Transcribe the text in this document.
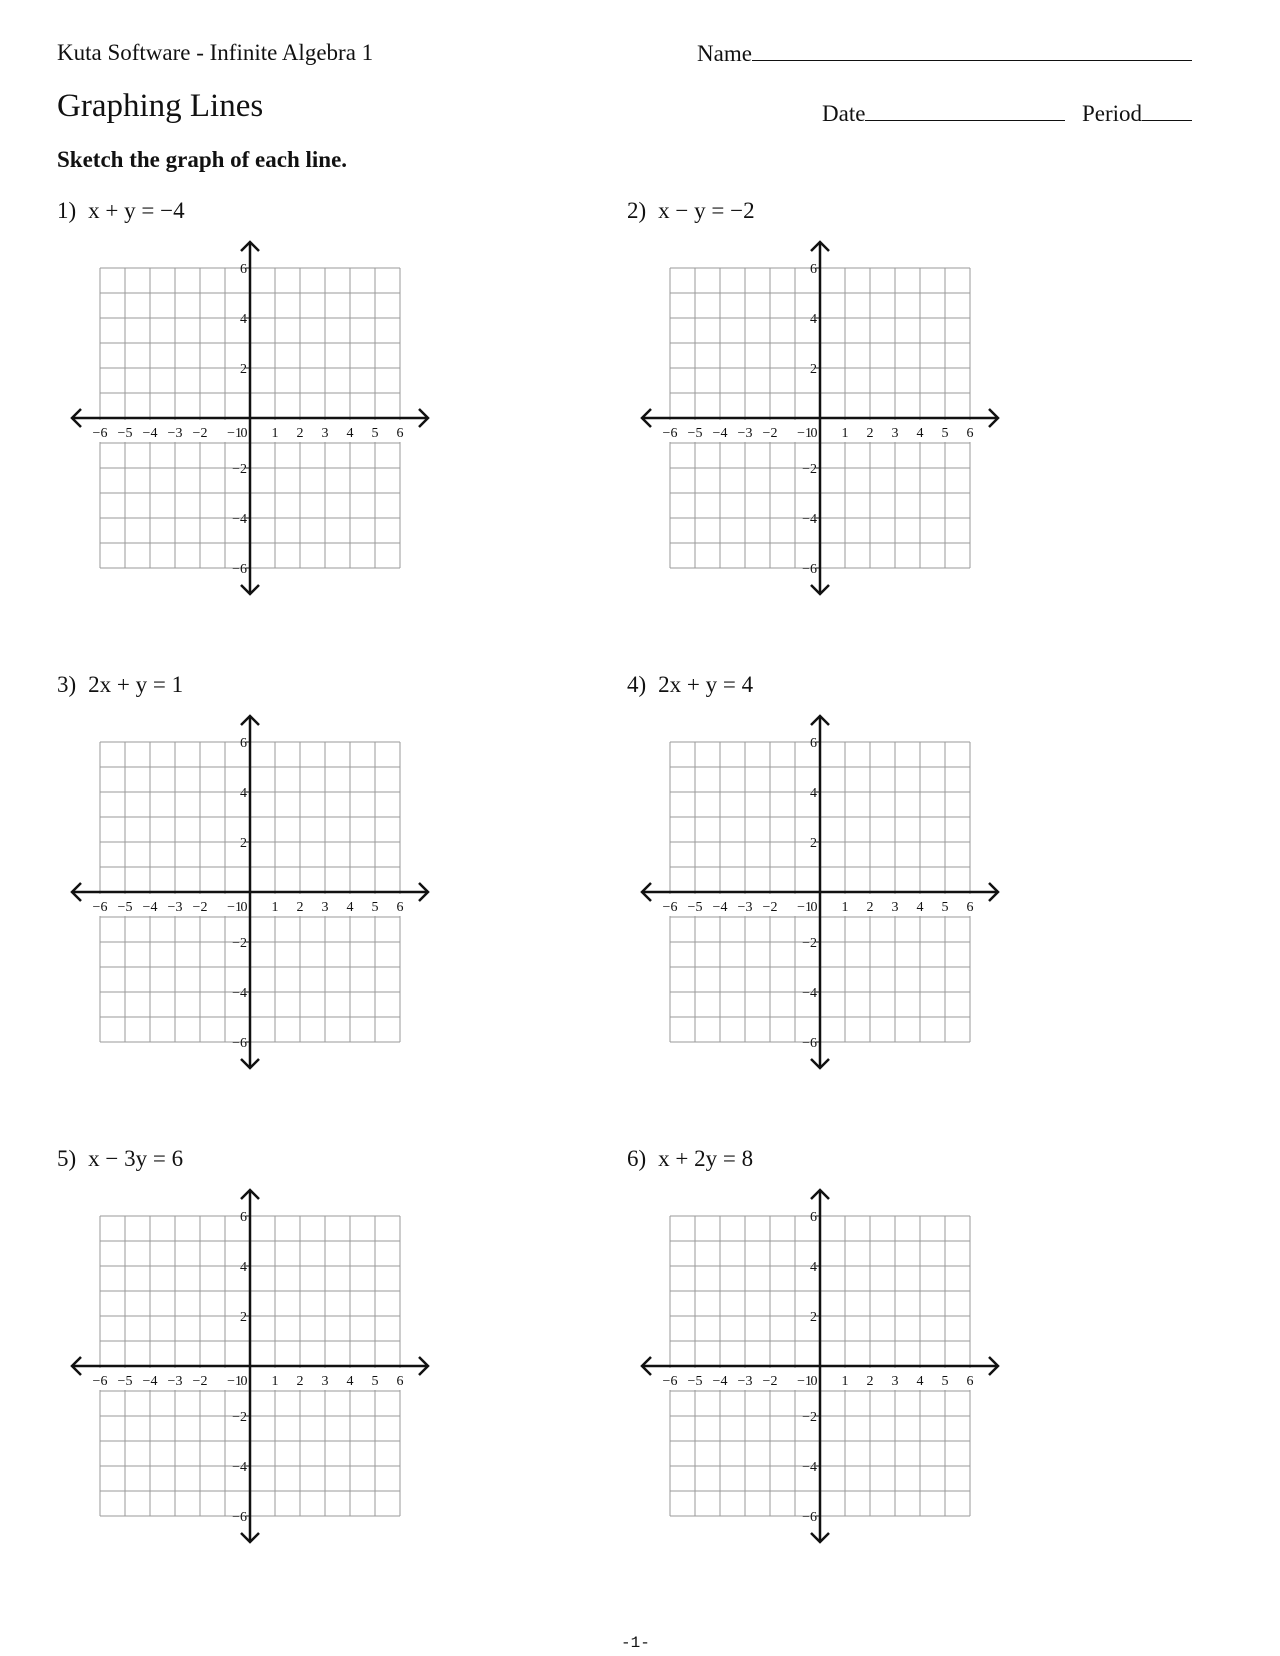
Kuta Software - Infinite Algebra 1	Name
Graphing Lines	Date	Period
Sketch the graph of each line.
1) x + y = −4	2) x − y = −2
3) 2x + y = 1	4) 2x + y = 4
5) x − 3y = 6	6) x + 2y = 8
−6 −5 −4 −3 −2 −1
0 1 2 3 4 5 6
6
4
2
−2
−4
−6
−6 −5 −4 −3 −2 −1
0 1 2 3 4 5 6
6
4
2
−2
−4
−6
−6 −5 −4 −3 −2 −1
0 1 2 3 4 5 6
6
4
2
−2
−4
−6
−6 −5 −4 −3 −2 −1
0 1 2 3 4 5 6
6
4
2
−2
−4
−6
−6 −5 −4 −3 −2 −1
0 1 2 3 4 5 6
6
4
2
−2
−4
−6
−6 −5 −4 −3 −2 −1
0 1 2 3 4 5 6
6
4
2
−2
−4
−6
-1-
